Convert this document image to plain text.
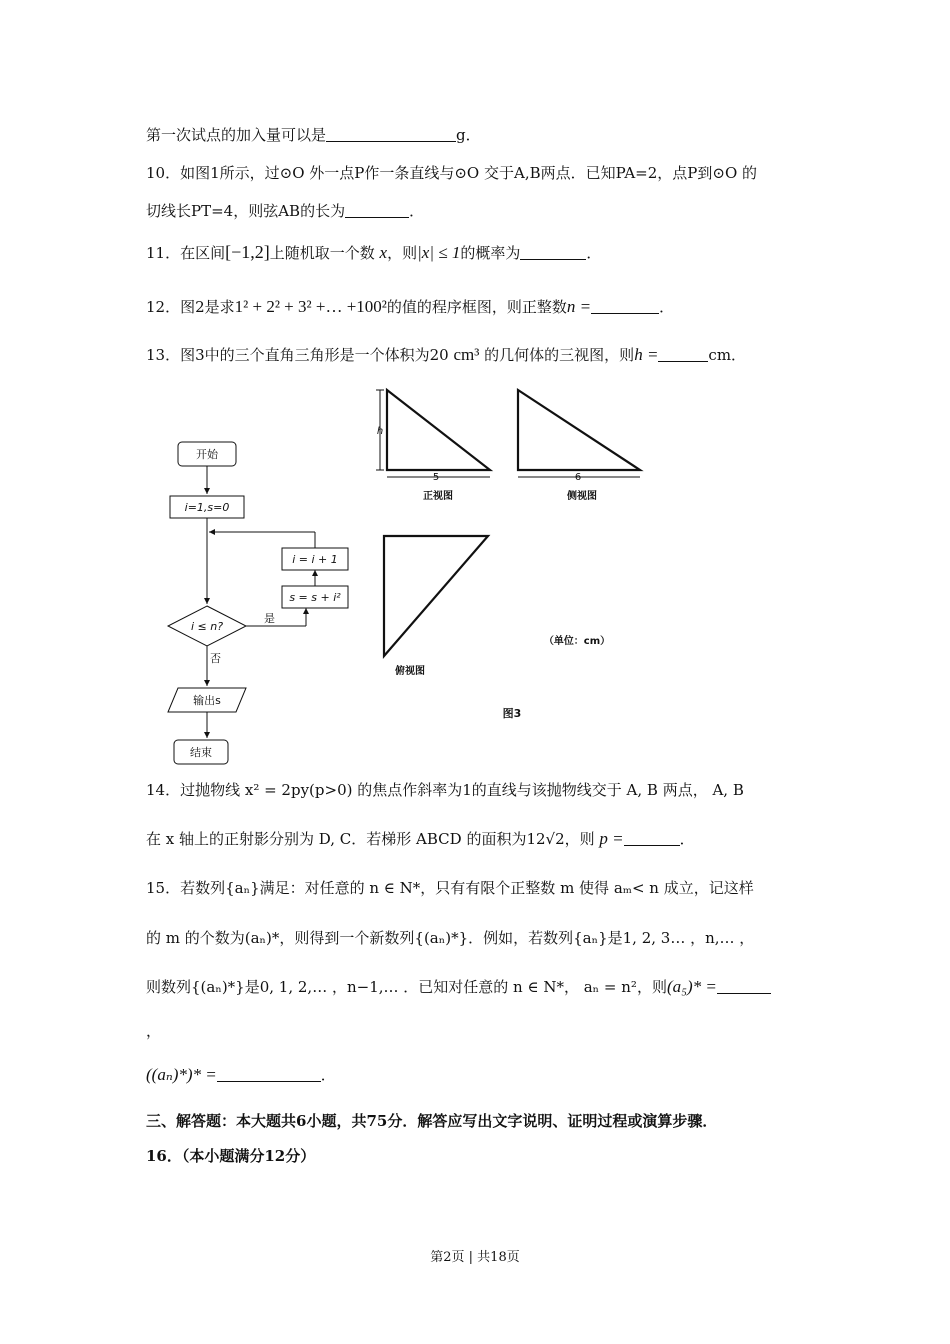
第一次试点的加入量可以是	g．
10．如图1所示，过⊙O 外一点P作一条直线与⊙O 交于A,B两点．已知PA=2，点P到⊙O 的
切线长PT=4，则弦AB的长为	．
11．在区间[−1,2]上随机取一个数 x，则|x| ≤ 1的概率为	．
12．图2是求1² + 2² + 3² +… +100²的值的程序框图，则正整数n =	．
13．图3中的三个直角三角形是一个体积为20 cm³ 的几何体的三视图，则h =	cm．
开始
i=1,s=0
i = i + 1
s = s + i²
i ≤ n?
是
否
输出s
结束
h
5	6
正视图	侧视图
俯视图
（单位：cm）
图3
14．过抛物线 x² = 2py(p>0) 的焦点作斜率为1的直线与该抛物线交于 A, B 两点， A, B
在 x 轴上的正射影分别为 D, C．若梯形 ABCD 的面积为12√2，则 p =	．
15．若数列{aₙ}满足：对任意的 n ∈ N*，只有有限个正整数 m 使得 aₘ< n 成立，记这样
的 m 的个数为(aₙ)*，则得到一个新数列{(aₙ)*}．例如，若数列{aₙ}是1, 2, 3… ，n,… ，
则数列{(aₙ)*}是0, 1, 2,… ，n−1,… ．已知对任意的 n ∈ N*， aₙ = n²，则(a₅)* =
，
((aₙ)*)* =	．
三、解答题：本大题共6小题，共75分．解答应写出文字说明、证明过程或演算步骤．
16．（本小题满分12分）
第2页 | 共18页
